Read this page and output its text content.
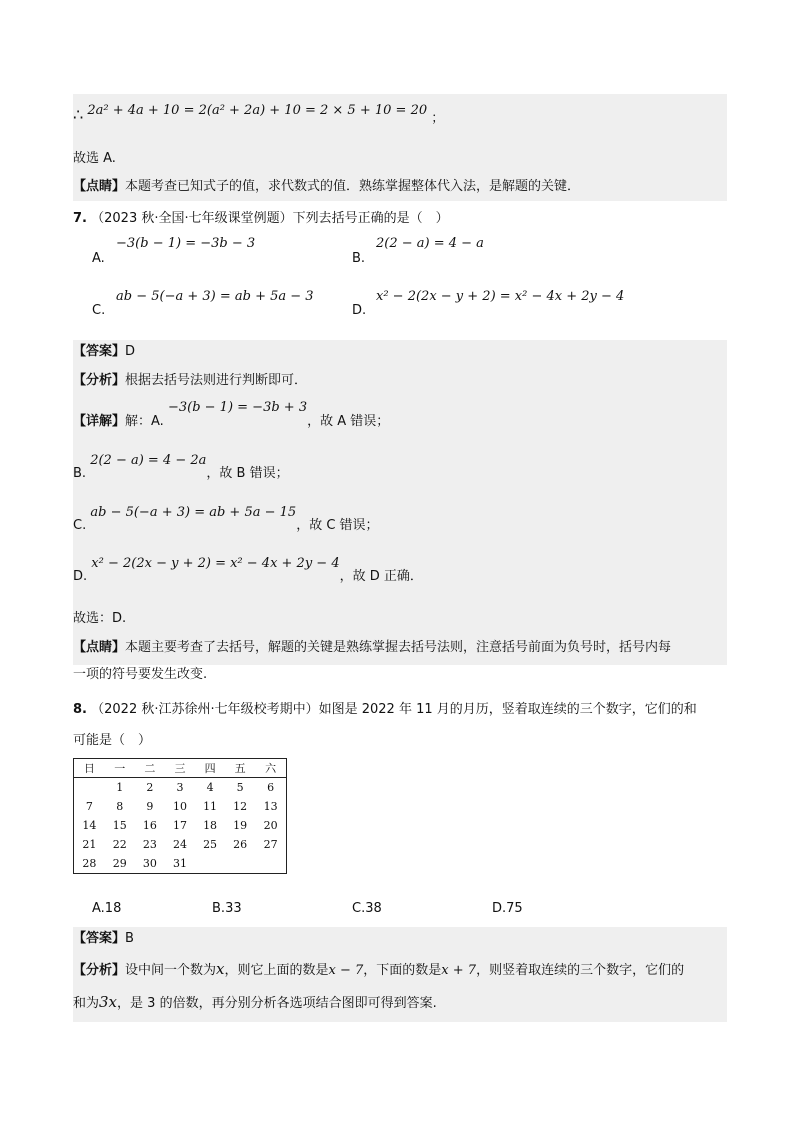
∴ 2a² + 4a + 10 = 2(a² + 2a) + 10 = 2 × 5 + 10 = 20 ；
故选 A.
【点睛】本题考查已知式子的值，求代数式的值．熟练掌握整体代入法，是解题的关键．
7. （2023 秋·全国·七年级课堂例题）下列去括号正确的是（　）
A.
−3(b − 1) = −3b − 3
B.
2(2 − a) = 4 − a
C.
ab − 5(−a + 3) = ab + 5a − 3
D.
x² − 2(2x − y + 2) = x² − 4x + 2y − 4
【答案】D
【分析】根据去括号法则进行判断即可．
【详解】解：A. −3(b − 1) = −3b + 3，故 A 错误；
B. 2(2 − a) = 4 − 2a，故 B 错误；
C. ab − 5(−a + 3) = ab + 5a − 15，故 C 错误；
D. x² − 2(2x − y + 2) = x² − 4x + 2y − 4，故 D 正确．
故选：D.
【点睛】本题主要考查了去括号，解题的关键是熟练掌握去括号法则，注意括号前面为负号时，括号内每
一项的符号要发生改变.
8. （2022 秋·江苏徐州·七年级校考期中）如图是 2022 年 11 月的月历，竖着取连续的三个数字，它们的和
可能是（　）
日	一	二	三	四	五	六
	1	2	3	4	5	6
7	8	9	10	11	12	13
14	15	16	17	18	19	20
21	22	23	24	25	26	27
28	29	30	31			
A.18	B.33	C.38	D.75
【答案】B
【分析】设中间一个数为x，则它上面的数是x − 7，下面的数是x + 7，则竖着取连续的三个数字，它们的
和为3x，是 3 的倍数，再分别分析各选项结合图即可得到答案.
